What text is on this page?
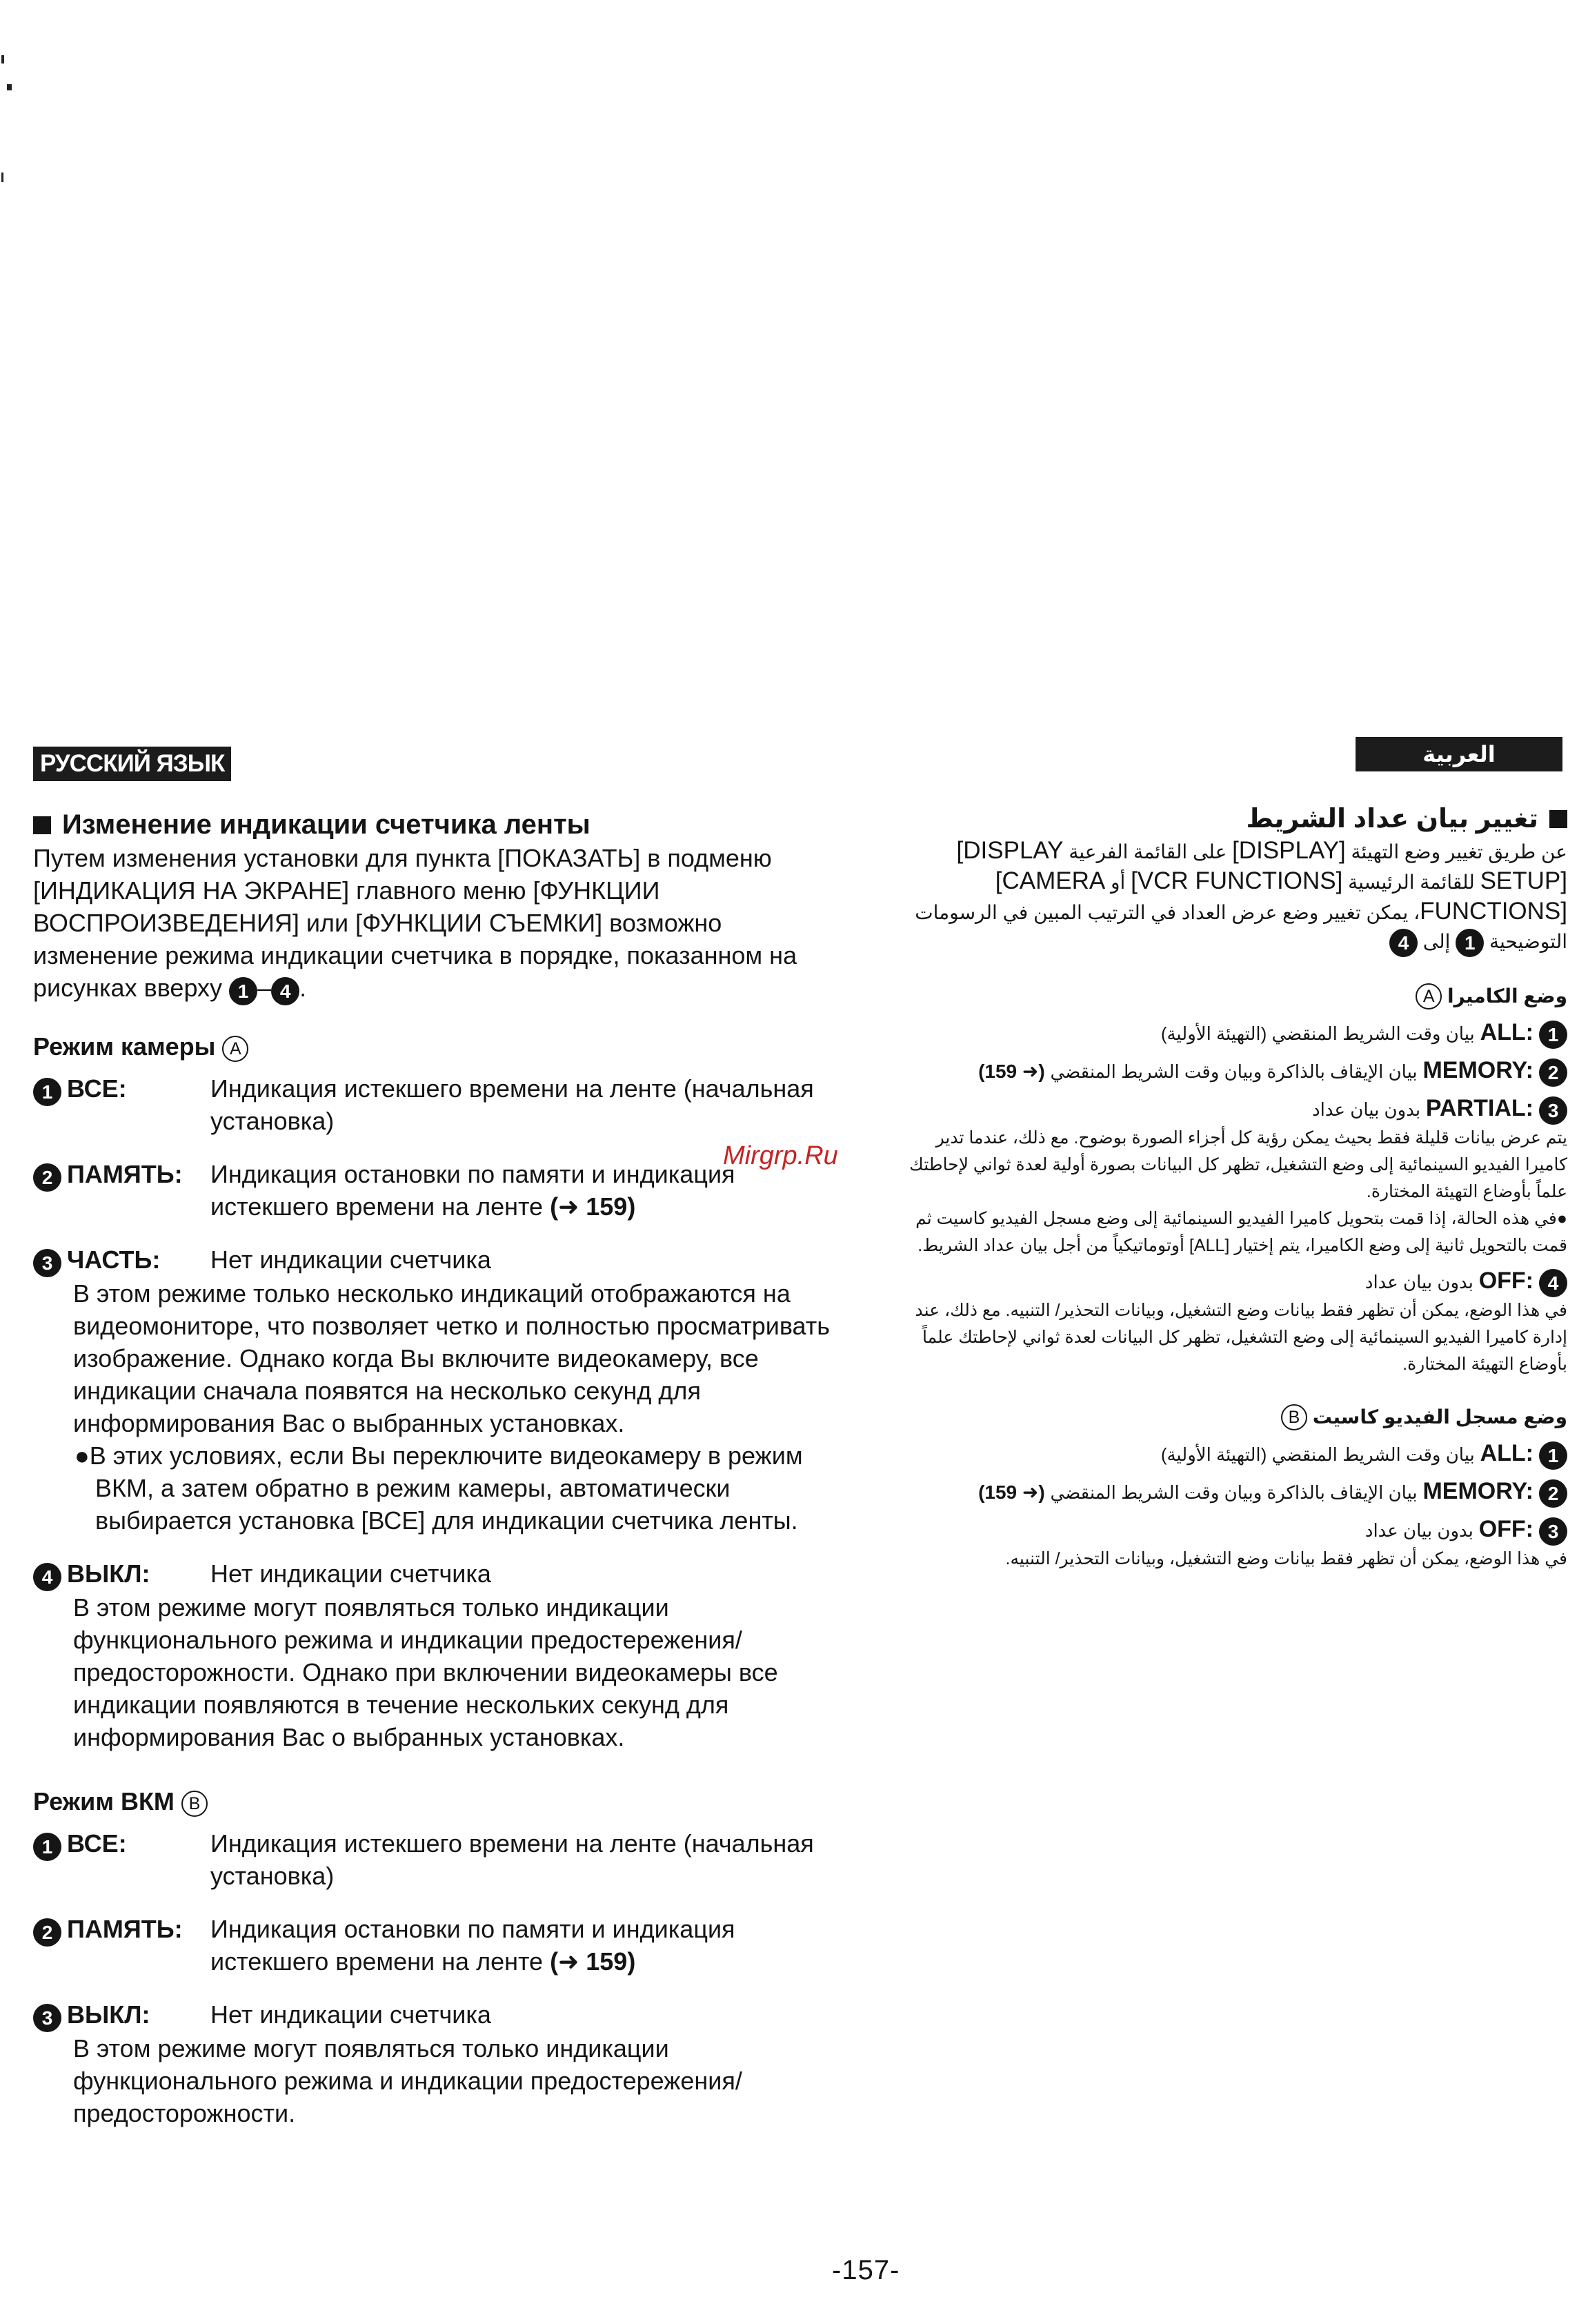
РУССКИЙ ЯЗЫК	العربية
Изменение индикации счетчика ленты

Путем изменения установки для пункта [ПОКАЗАТЬ] в подменю [ИНДИКАЦИЯ НА ЭКРАНЕ] главного меню [ФУНКЦИИ ВОСПРОИЗВЕДЕНИЯ] или [ФУНКЦИИ СЪЕМКИ] возможно изменение режима индикации счетчика в порядке, показанном на рисунках вверху 1 – 4 .

Режим камеры A
1 ВСЕ:	Индикация истекшего времени на ленте (начальная установка)
2 ПАМЯТЬ:	Индикация остановки по памяти и индикация истекшего времени на ленте (➜ 159)
3 ЧАСТЬ:	Нет индикации счетчика

В этом режиме только несколько индикаций отображаются на видеомониторе, что позволяет четко и полностью просматривать изображение. Однако когда Вы включите видеокамеру, все индикации сначала появятся на несколько секунд для информирования Вас о выбранных установках.

●В этих условиях, если Вы переключите видеокамеру в режим ВКМ, а затем обратно в режим камеры, автоматически выбирается установка [ВСЕ] для индикации счетчика ленты.

4 ВЫКЛ:	Нет индикации счетчика

В этом режиме могут появляться только индикации функционального режима и индикации предостережения/ предосторожности. Однако при включении видеокамеры все индикации появляются в течение нескольких секунд для информирования Вас о выбранных установках.

Режим ВКМ B
1 ВСЕ:	Индикация истекшего времени на ленте (начальная установка)
2 ПАМЯТЬ:	Индикация остановки по памяти и индикация истекшего времени на ленте (➜ 159)
3 ВЫКЛ:	Нет индикации счетчика

В этом режиме могут появляться только индикации функционального режима и индикации предостережения/ предосторожности.

تغيير بيان عداد الشريط

عن طريق تغيير وضع التهيئة [DISPLAY] على القائمة الفرعية [DISPLAY SETUP] للقائمة الرئيسية [VCR FUNCTIONS] أو [CAMERA FUNCTIONS]، يمكن تغيير وضع عرض العداد في الترتيب المبين في الرسومات التوضيحية 1 إلى 4

وضع الكاميرا A
1ALL: بيان وقت الشريط المنقضي (التهيئة الأولية)
2MEMORY: بيان الإيقاف بالذاكرة وبيان وقت الشريط المنقضي (159 ➜)
3PARTIAL: بدون بيان عداد

يتم عرض بيانات قليلة فقط بحيث يمكن رؤية كل أجزاء الصورة بوضوح. مع ذلك، عندما تدير كاميرا الفيديو السينمائية إلى وضع التشغيل، تظهر كل البيانات بصورة أولية لعدة ثواني لإحاطتك علماً بأوضاع التهيئة المختارة.

●في هذه الحالة، إذا قمت بتحويل كاميرا الفيديو السينمائية إلى وضع مسجل الفيديو كاسيت ثم قمت بالتحويل ثانية إلى وضع الكاميرا، يتم إختيار [ALL] أوتوماتيكياً من أجل بيان عداد الشريط.

4OFF: بدون بيان عداد

في هذا الوضع، يمكن أن تظهر فقط بيانات وضع التشغيل، وبيانات التحذير/ التنبيه. مع ذلك، عند إدارة كاميرا الفيديو السينمائية إلى وضع التشغيل، تظهر كل البيانات لعدة ثواني لإحاطتك علماً بأوضاع التهيئة المختارة.

وضع مسجل الفيديو كاسيت B
1ALL: بيان وقت الشريط المنقضي (التهيئة الأولية)
2MEMORY: بيان الإيقاف بالذاكرة وبيان وقت الشريط المنقضي (159 ➜)
3OFF: بدون بيان عداد

في هذا الوضع، يمكن أن تظهر فقط بيانات وضع التشغيل، وبيانات التحذير/ التنبيه.

Mirgrp.Ru
-157-
